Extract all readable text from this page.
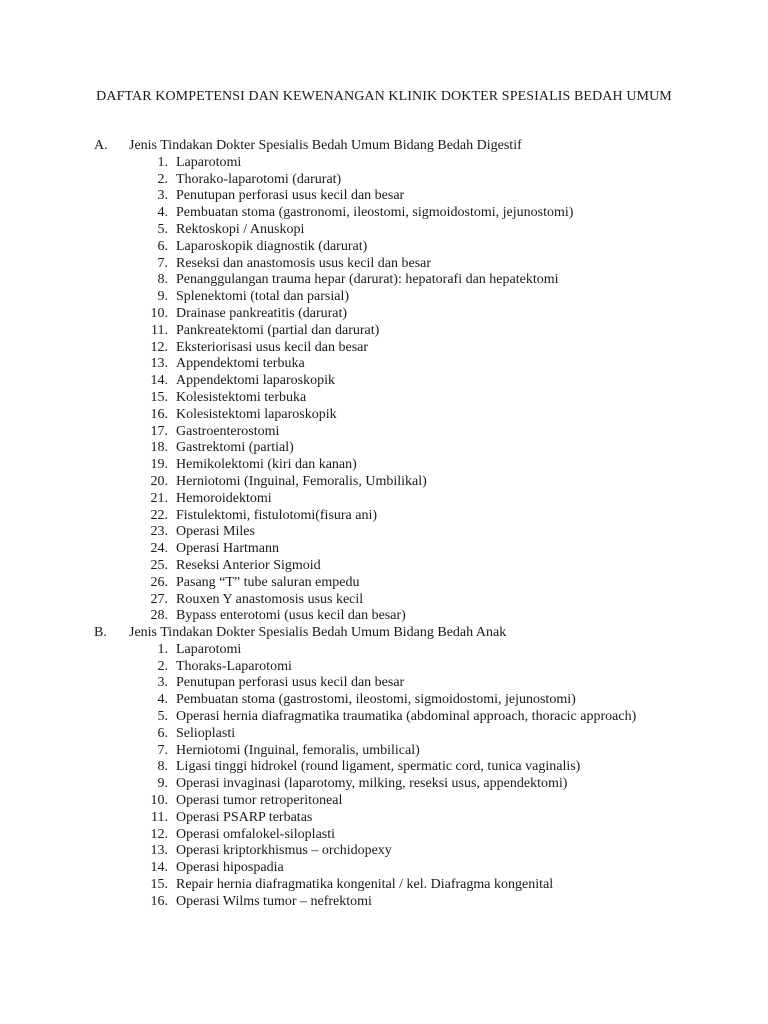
DAFTAR KOMPETENSI DAN KEWENANGAN KLINIK DOKTER SPESIALIS BEDAH UMUM
A. Jenis Tindakan Dokter Spesialis Bedah Umum Bidang Bedah Digestif
1. Laparotomi
2. Thorako-laparotomi (darurat)
3. Penutupan perforasi usus kecil dan besar
4. Pembuatan stoma (gastronomi, ileostomi, sigmoidostomi, jejunostomi)
5. Rektoskopi / Anuskopi
6. Laparoskopik diagnostik (darurat)
7. Reseksi dan anastomosis usus kecil dan besar
8. Penanggulangan trauma hepar (darurat): hepatorafi dan hepatektomi
9. Splenektomi (total dan parsial)
10. Drainase pankreatitis (darurat)
11. Pankreatektomi (partial dan darurat)
12. Eksteriorisasi usus kecil dan besar
13. Appendektomi terbuka
14. Appendektomi laparoskopik
15. Kolesistektomi terbuka
16. Kolesistektomi laparoskopik
17. Gastroenterostomi
18. Gastrektomi (partial)
19. Hemikolektomi (kiri dan kanan)
20. Herniotomi (Inguinal, Femoralis, Umbilikal)
21. Hemoroidektomi
22. Fistulektomi, fistulotomi(fisura ani)
23. Operasi Miles
24. Operasi Hartmann
25. Reseksi Anterior Sigmoid
26. Pasang “T” tube saluran empedu
27. Rouxen Y anastomosis usus kecil
28. Bypass enterotomi (usus kecil dan besar)
B. Jenis Tindakan Dokter Spesialis Bedah Umum Bidang Bedah Anak
1. Laparotomi
2. Thoraks-Laparotomi
3. Penutupan perforasi usus kecil dan besar
4. Pembuatan stoma (gastrostomi, ileostomi, sigmoidostomi, jejunostomi)
5. Operasi hernia diafragmatika traumatika (abdominal approach, thoracic approach)
6. Selioplasti
7. Herniotomi (Inguinal, femoralis, umbilical)
8. Ligasi tinggi hidrokel (round ligament, spermatic cord, tunica vaginalis)
9. Operasi invaginasi (laparotomy, milking, reseksi usus, appendektomi)
10. Operasi tumor retroperitoneal
11. Operasi PSARP terbatas
12. Operasi omfalokel-siloplasti
13. Operasi kriptorkhismus – orchidopexy
14. Operasi hipospadia
15. Repair hernia diafragmatika kongenital / kel. Diafragma kongenital
16. Operasi Wilms tumor – nefrektomi
